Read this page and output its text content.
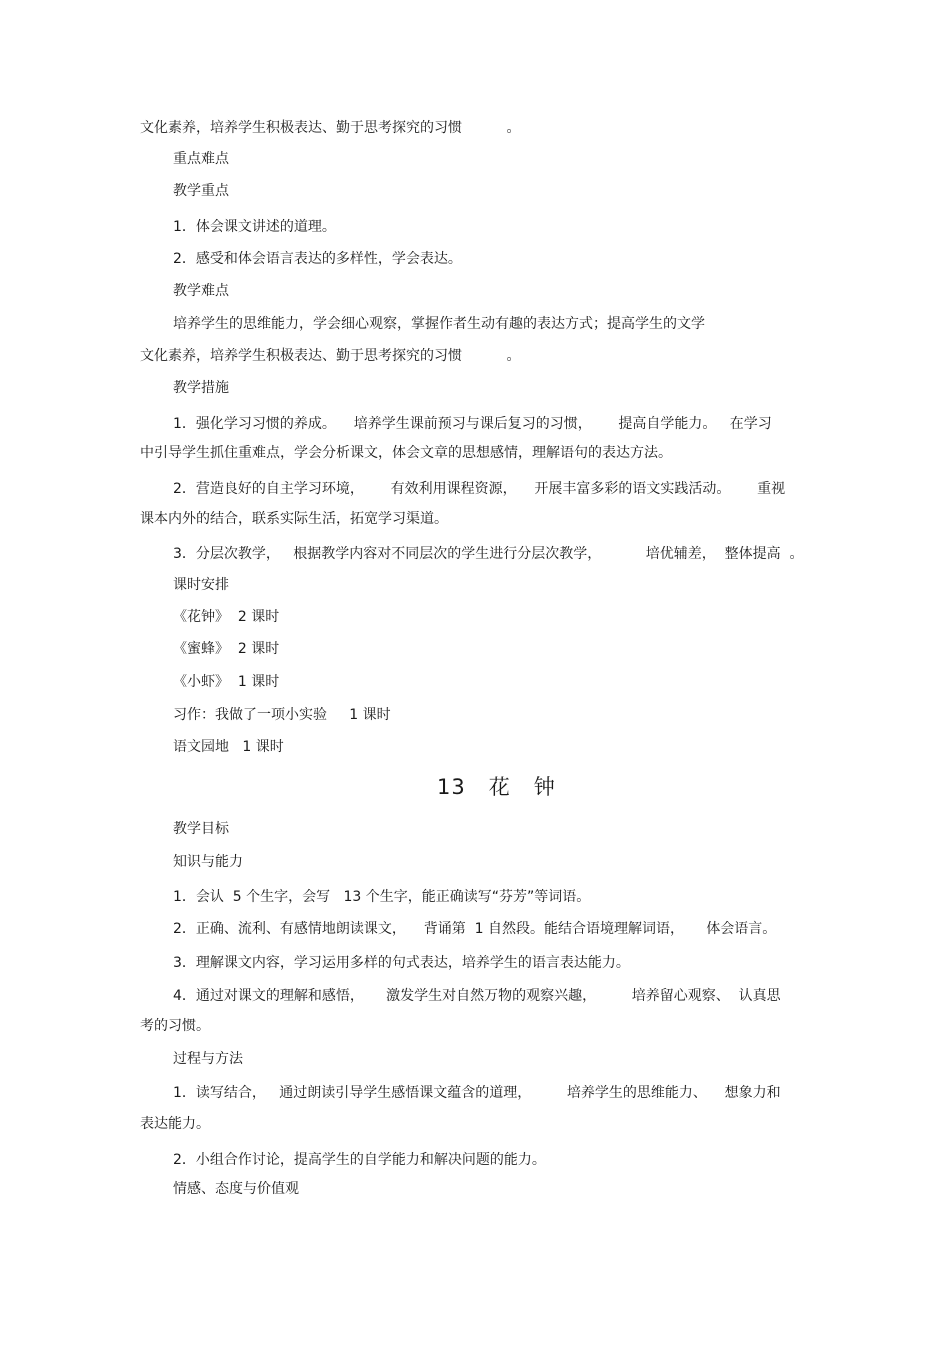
文化素养，培养学生积极表达、勤于思考探究的习惯          。
重点难点
教学重点
1．体会课文讲述的道理。
2．感受和体会语言表达的多样性，学会表达。
教学难点
培养学生的思维能力，学会细心观察，掌握作者生动有趣的表达方式；提高学生的文学
文化素养，培养学生积极表达、勤于思考探究的习惯          。
教学措施
1．强化学习习惯的养成。    培养学生课前预习与课后复习的习惯，      提高自学能力。   在学习
中引导学生抓住重难点，学会分析课文，体会文章的思想感情，理解语句的表达方法。
2．营造良好的自主学习环境，      有效利用课程资源，    开展丰富多彩的语文实践活动。      重视
课本内外的结合，联系实际生活，拓宽学习渠道。
3．分层次教学，   根据教学内容对不同层次的学生进行分层次教学，          培优辅差，  整体提高  。
课时安排
《花钟》  2 课时
《蜜蜂》  2 课时
《小虾》  1 课时
习作：我做了一项小实验     1 课时
语文园地   1 课时
13   花   钟
教学目标
知识与能力
1．会认  5 个生字，会写   13 个生字，能正确读写“芬芳”等词语。
2．正确、流利、有感情地朗读课文，    背诵第  1 自然段。能结合语境理解词语，     体会语言。
3．理解课文内容，学习运用多样的句式表达，培养学生的语言表达能力。
4．通过对课文的理解和感悟，     激发学生对自然万物的观察兴趣，        培养留心观察、  认真思
考的习惯。
过程与方法
1．读写结合，   通过朗读引导学生感悟课文蕴含的道理，        培养学生的思维能力、    想象力和
表达能力。
2．小组合作讨论，提高学生的自学能力和解决问题的能力。
情感、态度与价值观
